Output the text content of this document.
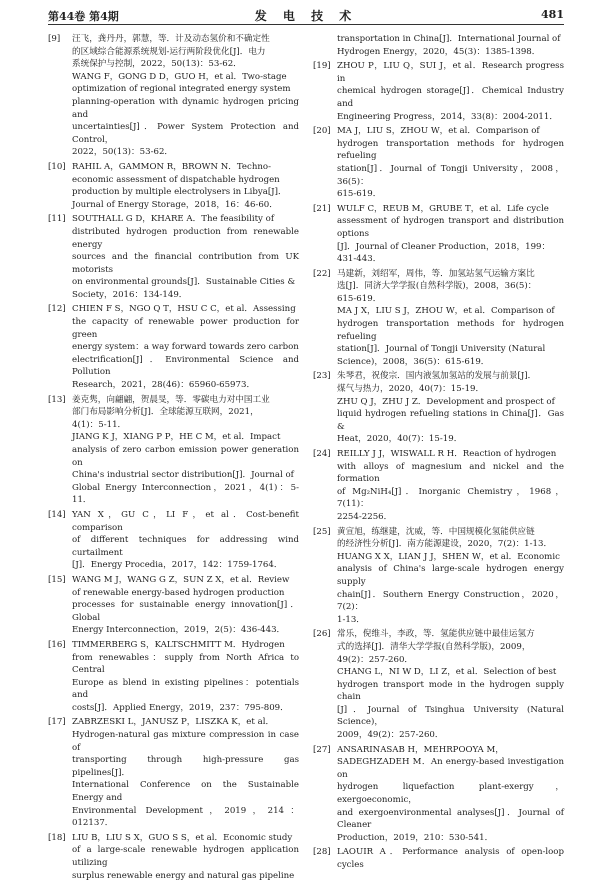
第44卷 第4期	发 电 技 术	481
[9]	汪飞，龚丹丹，郭慧，等．计及动态氢价和不确定性
的区域综合能源系统规划-运行两阶段优化[J]．电力
系统保护与控制，2022，50(13)：53-62．
WANG F，GONG D D，GUO H，et al．Two-stage
optimization of regional integrated energy system
planning-operation with dynamic hydrogen pricing and
uncertainties[J]．Power System Protection and Control，
2022，50(13)：53-62．
[10] RAHIL A，GAMMON R，BROWN N．Techno-
economic assessment of dispatchable hydrogen
production by multiple electrolysers in Libya[J]．
Journal of Energy Storage，2018，16：46-60．
[11] SOUTHALL G D，KHARE A．The feasibility of
distributed hydrogen production from renewable energy
sources and the financial contribution from UK motorists
on environmental grounds[J]．Sustainable Cities &
Society，2016：134-149．
[12] CHIEN F S，NGO Q T，HSU C C，et al．Assessing
the capacity of renewable power production for green
energy system：a way forward towards zero carbon
electrification[J]．Environmental Science and Pollution
Research，2021，28(46)：65960-65973．
[13] 姜克隽，向翩翩，贺晨旻，等．零碳电力对中国工业
部门布局影响分析[J]．全球能源互联网，2021，
4(1)：5-11．
JIANG K J，XIANG P P，HE C M，et al．Impact
analysis of zero carbon emission power generation on
China's industrial sector distribution[J]．Journal of
Global Energy Interconnection，2021，4(1)：5-11．
[14] YAN X，GU C，LI F，et al．Cost-benefit comparison
of different techniques for addressing wind curtailment
[J]．Energy Procedia，2017，142：1759-1764．
[15] WANG M J，WANG G Z，SUN Z X，et al．Review
of renewable energy-based hydrogen production
processes for sustainable energy innovation[J]．Global
Energy Interconnection，2019，2(5)：436-443．
[16] TIMMERBERG S，KALTSCHMITT M．Hydrogen
from renewables：supply from North Africa to Central
Europe as blend in existing pipelines：potentials and
costs[J]．Applied Energy，2019，237：795-809．
[17] ZABRZESKI L，JANUSZ P，LISZKA K，et al．
Hydrogen-natural gas mixture compression in case of
transporting through high-pressure gas pipelines[J]．
International Conference on the Sustainable Energy and
Environmental Development，2019，214：012137．
[18] LIU B，LIU S X，GUO S S，et al．Economic study
of a large-scale renewable hydrogen application utilizing
surplus renewable energy and natural gas pipeline
transportation in China[J]．International Journal of
Hydrogen Energy，2020，45(3)：1385-1398．
[19] ZHOU P，LIU Q，SUI J，et al．Research progress in
chemical hydrogen storage[J]．Chemical Industry and
Engineering Progress，2014，33(8)：2004-2011．
[20] MA J，LIU S，ZHOU W，et al．Comparison of
hydrogen transportation methods for hydrogen refueling
station[J]．Journal of Tongji University，2008，36(5)：
615-619．
[21] WULF C，REUB M，GRUBE T，et al．Life cycle
assessment of hydrogen transport and distribution options
[J]．Journal of Cleaner Production，2018，199：
431-443．
[22] 马建新，刘绍军，周伟，等．加氢站氢气运输方案比
选[J]．同济大学学报(自然科学版)，2008，36(5)：
615-619．
MA J X，LIU S J，ZHOU W，et al．Comparison of
hydrogen transportation methods for hydrogen refueling
station[J]．Journal of Tongji University (Natural
Science)，2008，36(5)：615-619．
[23] 朱琴君，祝俊宗．国内液氢加氢站的发展与前景[J]．
煤气与热力，2020，40(7)：15-19．
ZHU Q J，ZHU J Z．Development and prospect of
liquid hydrogen refueling stations in China[J]．Gas &
Heat，2020，40(7)：15-19．
[24] REILLY J J，WISWALL R H．Reaction of hydrogen
with alloys of magnesium and nickel and the formation
of Mg₂NiH₄[J]．Inorganic Chemistry，1968，7(11)：
2254-2256．
[25] 黄宣旭，练继建，沈威，等．中国规模化氢能供应链
的经济性分析[J]．南方能源建设，2020，7(2)：1-13．
HUANG X X，LIAN J J，SHEN W，et al．Economic
analysis of China's large-scale hydrogen energy supply
chain[J]．Southern Energy Construction，2020，7(2)：
1-13．
[26] 常乐，倪维斗，李政，等．氢能供应链中最佳运氢方
式的选择[J]．清华大学学报(自然科学版)，2009，
49(2)：257-260．
CHANG L，NI W D，LI Z，et al．Selection of best
hydrogen transport mode in the hydrogen supply chain
[J]．Journal of Tsinghua University (Natural Science)，
2009，49(2)：257-260．
[27] ANSARINASAB H，MEHRPOOYA M，
SADEGHZADEH M．An energy-based investigation on
hydrogen liquefaction plant-exergy，exergoeconomic，
and exergoenvironmental analyses[J]．Journal of Cleaner
Production，2019，210：530-541．
[28] LAOUIR A．Performance analysis of open-loop cycles
